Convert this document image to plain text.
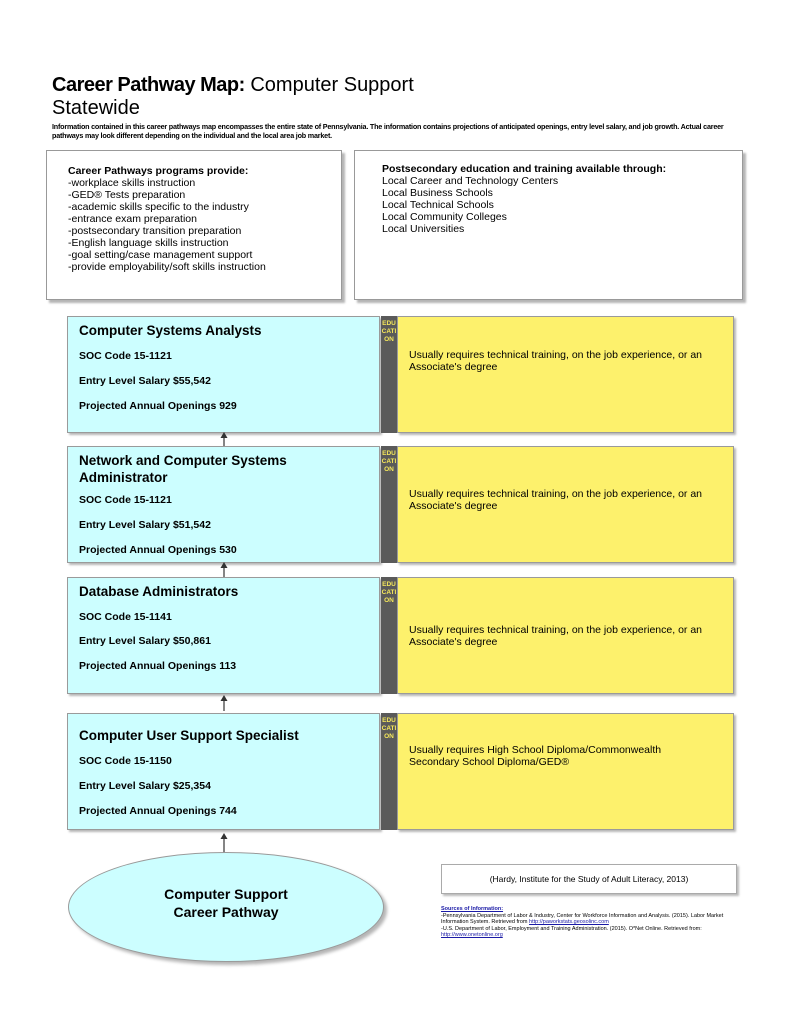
Career Pathway Map: Computer Support
Statewide
Information contained in this career pathways map encompasses the entire state of Pennsylvania. The information contains projections of anticipated openings, entry level salary, and job growth. Actual career pathways may look different depending on the individual and the local area job market.
Career Pathways programs provide:
-workplace skills instruction
-GED® Tests preparation
-academic skills specific to the industry
-entrance exam preparation
-postsecondary transition preparation
-English language skills instruction
-goal setting/case management support
-provide employability/soft skills instruction
Postsecondary education and training available through:
Local Career and Technology Centers
Local Business Schools
Local Technical Schools
Local Community Colleges
Local Universities
Computer Systems Analysts
SOC Code 15-1121
Entry Level Salary $55,542
Projected Annual Openings 929
EDUCATION
Usually requires technical training, on the job experience, or an Associate's degree
Network and Computer Systems Administrator
SOC Code 15-1121
Entry Level Salary $51,542
Projected Annual Openings 530
EDUCATION
Usually requires technical training, on the job experience, or an Associate's degree
Database Administrators
SOC Code 15-1141
Entry Level Salary $50,861
Projected Annual Openings 113
EDUCATION
Usually requires technical training, on the job experience, or an Associate's degree
Computer User Support Specialist
SOC Code 15-1150
Entry Level Salary $25,354
Projected Annual Openings 744
EDUCATION
Usually requires High School Diploma/Commonwealth Secondary School Diploma/GED®
Computer Support
Career Pathway
(Hardy, Institute for the Study of Adult Literacy, 2013)
Sources of Information:
-Pennsylvania Department of Labor & Industry, Center for Workforce Information and Analysis. (2015). Labor Market Information System. Retrieved from http://paworkstats.geosolinc.com
-U.S. Department of Labor, Employment and Training Administration. (2015). O*Net Online. Retrieved from: http://www.onetonline.org
